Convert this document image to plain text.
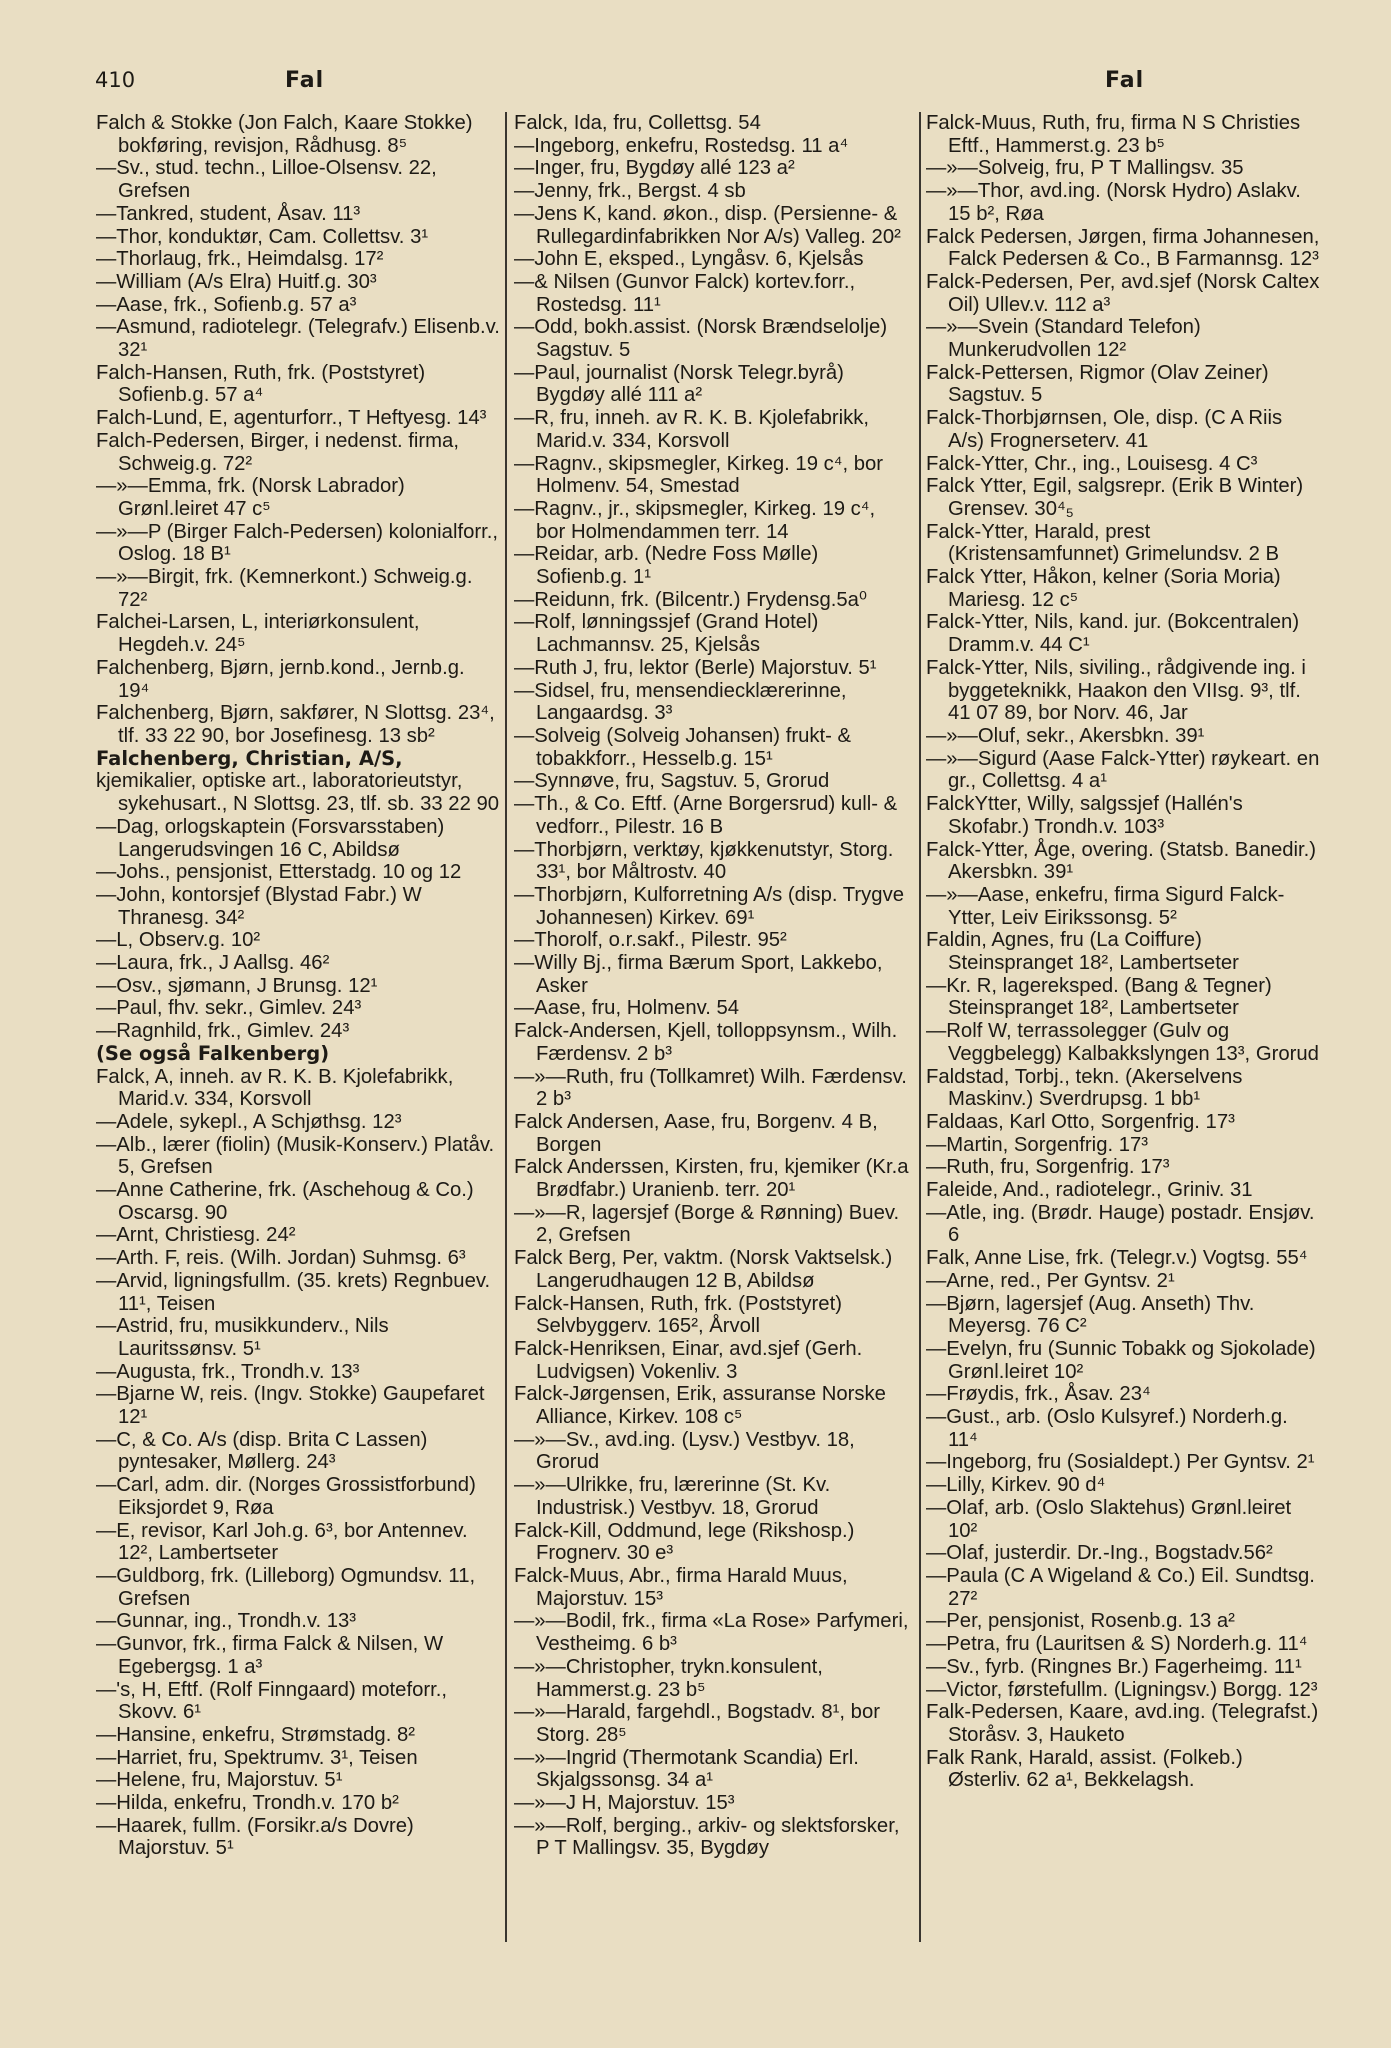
410	Fal	Fal

Falch & Stokke (Jon Falch, Kaare Stokke) bokføring, revisjon, Rådhusg. 8⁵

—Sv., stud. techn., Lilloe-Olsensv. 22, Grefsen

—Tankred, student, Åsav. 11³

—Thor, konduktør, Cam. Collettsv. 3¹

—Thorlaug, frk., Heimdalsg. 17²

—William (A/s Elra) Huitf.g. 30³

—Aase, frk., Sofienb.g. 57 a³

—Asmund, radiotelegr. (Telegrafv.) Elisenb.v. 32¹

Falch-Hansen, Ruth, frk. (Poststyret) Sofienb.g. 57 a⁴

Falch-Lund, E, agenturforr., T Heftyesg. 14³

Falch-Pedersen, Birger, i nedenst. firma, Schweig.g. 72²

—»—Emma, frk. (Norsk Labrador) Grønl.leiret 47 c⁵

—»—P (Birger Falch-Pedersen) kolonialforr., Oslog. 18 B¹

—»—Birgit, frk. (Kemnerkont.) Schweig.g. 72²

Falchei-Larsen, L, interiørkonsulent, Hegdeh.v. 24⁵

Falchenberg, Bjørn, jernb.kond., Jernb.g. 19⁴

Falchenberg, Bjørn, sakfører, N Slottsg. 23⁴, tlf. 33 22 90, bor Josefinesg. 13 sb²

Falchenberg, Christian, A/S,

kjemikalier, optiske art., laboratorieutstyr, sykehusart., N Slottsg. 23, tlf. sb. 33 22 90

—Dag, orlogskaptein (Forsvarsstaben) Langerudsvingen 16 C, Abildsø

—Johs., pensjonist, Etterstadg. 10 og 12

—John, kontorsjef (Blystad Fabr.) W Thranesg. 34²

—L, Observ.g. 10²

—Laura, frk., J Aallsg. 46²

—Osv., sjømann, J Brunsg. 12¹

—Paul, fhv. sekr., Gimlev. 24³

—Ragnhild, frk., Gimlev. 24³

(Se også Falkenberg)

Falck, A, inneh. av R. K. B. Kjolefabrikk, Marid.v. 334, Korsvoll

—Adele, sykepl., A Schjøthsg. 12³

—Alb., lærer (fiolin) (Musik-Konserv.) Platåv. 5, Grefsen

—Anne Catherine, frk. (Aschehoug & Co.) Oscarsg. 90

—Arnt, Christiesg. 24²

—Arth. F, reis. (Wilh. Jordan) Suhmsg. 6³

—Arvid, ligningsfullm. (35. krets) Regnbuev. 11¹, Teisen

—Astrid, fru, musikkunderv., Nils Lauritssønsv. 5¹

—Augusta, frk., Trondh.v. 13³

—Bjarne W, reis. (Ingv. Stokke) Gaupefaret 12¹

—C, & Co. A/s (disp. Brita C Lassen) pyntesaker, Møllerg. 24³

—Carl, adm. dir. (Norges Grossistforbund) Eiksjordet 9, Røa

—E, revisor, Karl Joh.g. 6³, bor Antennev. 12², Lambertseter

—Guldborg, frk. (Lilleborg) Ogmundsv. 11, Grefsen

—Gunnar, ing., Trondh.v. 13³

—Gunvor, frk., firma Falck & Nilsen, W Egebergsg. 1 a³

—'s, H, Eftf. (Rolf Finngaard) moteforr., Skovv. 6¹

—Hansine, enkefru, Strømstadg. 8²

—Harriet, fru, Spektrumv. 3¹, Teisen

—Helene, fru, Majorstuv. 5¹

—Hilda, enkefru, Trondh.v. 170 b²

—Haarek, fullm. (Forsikr.a/s Dovre) Majorstuv. 5¹

Falck, Ida, fru, Collettsg. 54

—Ingeborg, enkefru, Rostedsg. 11 a⁴

—Inger, fru, Bygdøy allé 123 a²

—Jenny, frk., Bergst. 4 sb

—Jens K, kand. økon., disp. (Persienne- & Rullegardinfabrikken Nor A/s) Valleg. 20²

—John E, eksped., Lyngåsv. 6, Kjelsås

—& Nilsen (Gunvor Falck) kortev.forr., Rostedsg. 11¹

—Odd, bokh.assist. (Norsk Brændselolje) Sagstuv. 5

—Paul, journalist (Norsk Telegr.byrå) Bygdøy allé 111 a²

—R, fru, inneh. av R. K. B. Kjolefabrikk, Marid.v. 334, Korsvoll

—Ragnv., skipsmegler, Kirkeg. 19 c⁴, bor Holmenv. 54, Smestad

—Ragnv., jr., skipsmegler, Kirkeg. 19 c⁴, bor Holmendammen terr. 14

—Reidar, arb. (Nedre Foss Mølle) Sofienb.g. 1¹

—Reidunn, frk. (Bilcentr.) Frydensg.5a⁰

—Rolf, lønningssjef (Grand Hotel) Lachmannsv. 25, Kjelsås

—Ruth J, fru, lektor (Berle) Majorstuv. 5¹

—Sidsel, fru, mensendiecklærerinne, Langaardsg. 3³

—Solveig (Solveig Johansen) frukt- & tobakkforr., Hesselb.g. 15¹

—Synnøve, fru, Sagstuv. 5, Grorud

—Th., & Co. Eftf. (Arne Borgersrud) kull- & vedforr., Pilestr. 16 B

—Thorbjørn, verktøy, kjøkkenutstyr, Storg. 33¹, bor Måltrostv. 40

—Thorbjørn, Kulforretning A/s (disp. Trygve Johannesen) Kirkev. 69¹

—Thorolf, o.r.sakf., Pilestr. 95²

—Willy Bj., firma Bærum Sport, Lakkebo, Asker

—Aase, fru, Holmenv. 54

Falck-Andersen, Kjell, tolloppsynsm., Wilh. Færdensv. 2 b³

—»—Ruth, fru (Tollkamret) Wilh. Færdensv. 2 b³

Falck Andersen, Aase, fru, Borgenv. 4 B, Borgen

Falck Anderssen, Kirsten, fru, kjemiker (Kr.a Brødfabr.) Uranienb. terr. 20¹

—»—R, lagersjef (Borge & Rønning) Buev. 2, Grefsen

Falck Berg, Per, vaktm. (Norsk Vaktselsk.) Langerudhaugen 12 B, Abildsø

Falck-Hansen, Ruth, frk. (Poststyret) Selvbyggerv. 165², Årvoll

Falck-Henriksen, Einar, avd.sjef (Gerh. Ludvigsen) Vokenliv. 3

Falck-Jørgensen, Erik, assuranse Norske Alliance, Kirkev. 108 c⁵

—»—Sv., avd.ing. (Lysv.) Vestbyv. 18, Grorud

—»—Ulrikke, fru, lærerinne (St. Kv. Industrisk.) Vestbyv. 18, Grorud

Falck-Kill, Oddmund, lege (Rikshosp.) Frognerv. 30 e³

Falck-Muus, Abr., firma Harald Muus, Majorstuv. 15³

—»—Bodil, frk., firma «La Rose» Parfymeri, Vestheimg. 6 b³

—»—Christopher, trykn.konsulent, Hammerst.g. 23 b⁵

—»—Harald, fargehdl., Bogstadv. 8¹, bor Storg. 28⁵

—»—Ingrid (Thermotank Scandia) Erl. Skjalgssonsg. 34 a¹

—»—J H, Majorstuv. 15³

—»—Rolf, berging., arkiv- og slektsforsker, P T Mallingsv. 35, Bygdøy

Falck-Muus, Ruth, fru, firma N S Christies Eftf., Hammerst.g. 23 b⁵

—»—Solveig, fru, P T Mallingsv. 35

—»—Thor, avd.ing. (Norsk Hydro) Aslakv. 15 b², Røa

Falck Pedersen, Jørgen, firma Johannesen, Falck Pedersen & Co., B Farmannsg. 12³

Falck-Pedersen, Per, avd.sjef (Norsk Caltex Oil) Ullev.v. 112 a³

—»—Svein (Standard Telefon) Munkerudvollen 12²

Falck-Pettersen, Rigmor (Olav Zeiner) Sagstuv. 5

Falck-Thorbjørnsen, Ole, disp. (C A Riis A/s) Frognerseterv. 41

Falck-Ytter, Chr., ing., Louisesg. 4 C³

Falck Ytter, Egil, salgsrepr. (Erik B Winter) Grensev. 30⁴₅

Falck-Ytter, Harald, prest (Kristensamfunnet) Grimelundsv. 2 B

Falck Ytter, Håkon, kelner (Soria Moria) Mariesg. 12 c⁵

Falck-Ytter, Nils, kand. jur. (Bokcentralen) Dramm.v. 44 C¹

Falck-Ytter, Nils, siviling., rådgivende ing. i byggeteknikk, Haakon den VIIsg. 9³, tlf. 41 07 89, bor Norv. 46, Jar

—»—Oluf, sekr., Akersbkn. 39¹

—»—Sigurd (Aase Falck-Ytter) røykeart. en gr., Collettsg. 4 a¹

FalckYtter, Willy, salgssjef (Hallén's Skofabr.) Trondh.v. 103³

Falck-Ytter, Åge, overing. (Statsb. Banedir.) Akersbkn. 39¹

—»—Aase, enkefru, firma Sigurd Falck-Ytter, Leiv Eirikssonsg. 5²

Faldin, Agnes, fru (La Coiffure) Steinspranget 18², Lambertseter

—Kr. R, lagereksped. (Bang & Tegner) Steinspranget 18², Lambertseter

—Rolf W, terrassolegger (Gulv og Veggbelegg) Kalbakkslyngen 13³, Grorud

Faldstad, Torbj., tekn. (Akerselvens Maskinv.) Sverdrupsg. 1 bb¹

Faldaas, Karl Otto, Sorgenfrig. 17³

—Martin, Sorgenfrig. 17³

—Ruth, fru, Sorgenfrig. 17³

Faleide, And., radiotelegr., Griniv. 31

—Atle, ing. (Brødr. Hauge) postadr. Ensjøv. 6

Falk, Anne Lise, frk. (Telegr.v.) Vogtsg. 55⁴

—Arne, red., Per Gyntsv. 2¹

—Bjørn, lagersjef (Aug. Anseth) Thv. Meyersg. 76 C²

—Evelyn, fru (Sunnic Tobakk og Sjokolade) Grønl.leiret 10²

—Frøydis, frk., Åsav. 23⁴

—Gust., arb. (Oslo Kulsyref.) Norderh.g. 11⁴

—Ingeborg, fru (Sosialdept.) Per Gyntsv. 2¹

—Lilly, Kirkev. 90 d⁴

—Olaf, arb. (Oslo Slaktehus) Grønl.leiret 10²

—Olaf, justerdir. Dr.-Ing., Bogstadv.56²

—Paula (C A Wigeland & Co.) Eil. Sundtsg. 27²

—Per, pensjonist, Rosenb.g. 13 a²

—Petra, fru (Lauritsen & S) Norderh.g. 11⁴

—Sv., fyrb. (Ringnes Br.) Fagerheimg. 11¹

—Victor, førstefullm. (Ligningsv.) Borgg. 12³

Falk-Pedersen, Kaare, avd.ing. (Telegrafst.) Storåsv. 3, Hauketo

Falk Rank, Harald, assist. (Folkeb.) Østerliv. 62 a¹, Bekkelagsh.
